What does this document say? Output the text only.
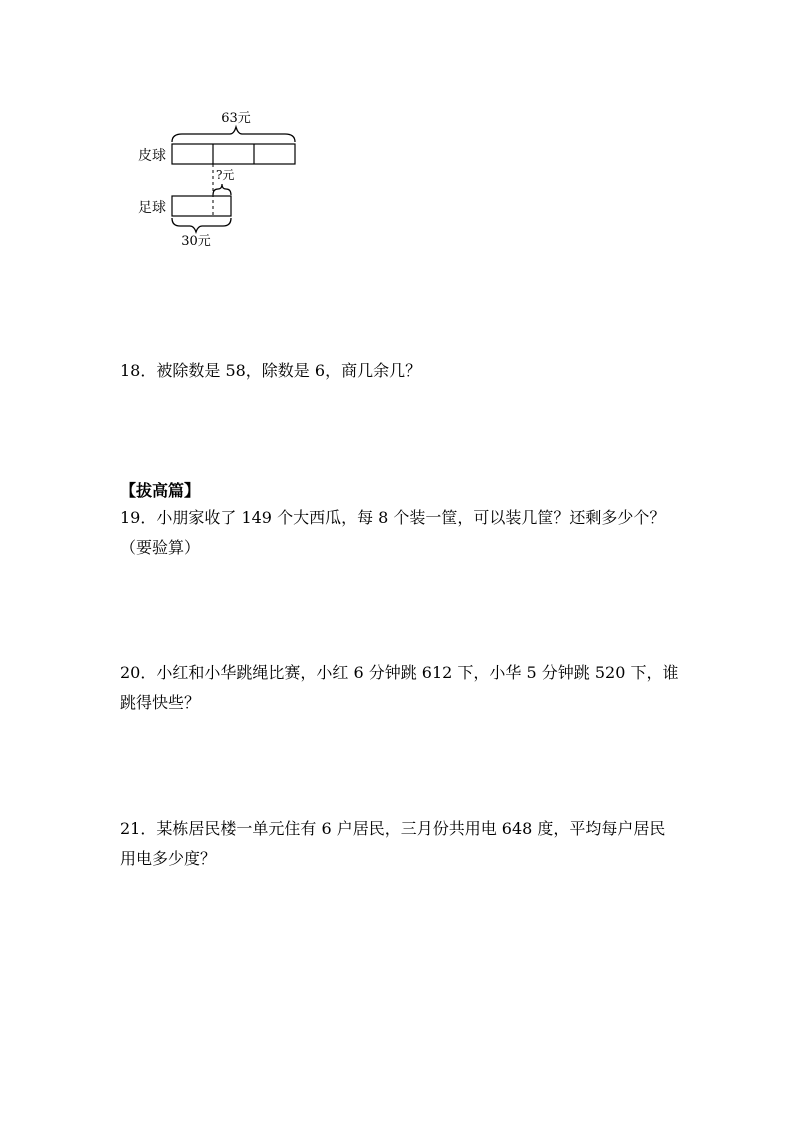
63元
皮球
?元
足球
30元

18．被除数是 58，除数是 6，商几余几？

【拔高篇】

19．小朋家收了 149 个大西瓜，每 8 个装一筐，可以装几筐？还剩多少个？（要验算）

20．小红和小华跳绳比赛，小红 6 分钟跳 612 下，小华 5 分钟跳 520 下，谁跳得快些？

21．某栋居民楼一单元住有 6 户居民，三月份共用电 648 度，平均每户居民用电多少度？
